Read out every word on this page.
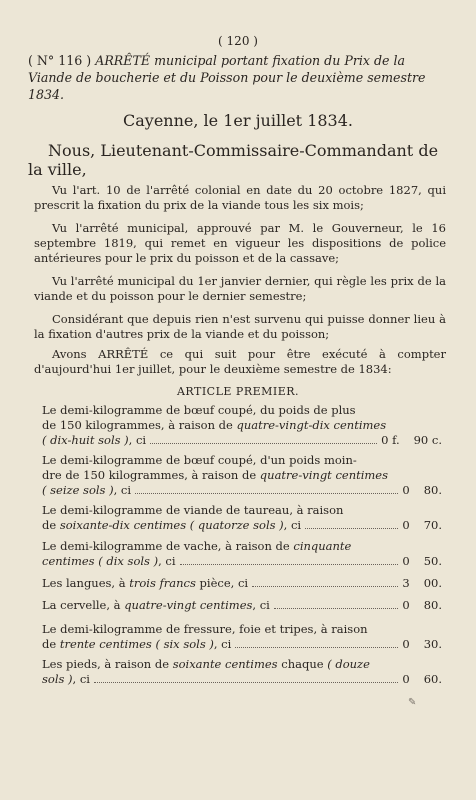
( 120 )
( N° 116 ) ARRÊTÉ municipal portant fixation du Prix de la Viande de boucherie et du Poisson pour le deuxième semestre 1834.
Cayenne, le 1er juillet 1834.
Nous, Lieutenant-Commissaire-Commandant de la ville,
Vu l'art. 10 de l'arrêté colonial en date du 20 octobre 1827, qui prescrit la fixation du prix de la viande tous les six mois;
Vu l'arrêté municipal, approuvé par M. le Gouverneur, le 16 septembre 1819, qui remet en vigueur les dispositions de police antérieures pour le prix du poisson et de la cassave;
Vu l'arrêté municipal du 1er janvier dernier, qui règle les prix de la viande et du poisson pour le dernier semestre;
Considérant que depuis rien n'est survenu qui puisse donner lieu à la fixation d'autres prix de la viande et du poisson;
Avons ARRÊTÉ ce qui suit pour être exécuté à compter d'aujourd'hui 1er juillet, pour le deuxième semestre de 1834:
ARTICLE PREMIER.
Le demi-kilogramme de bœuf coupé, du poids de plus
de 150 kilogrammes, à raison de quatre-vingt-dix centimes
( dix-huit sols ), ci	0 f. 90 c.
Le demi-kilogramme de bœuf coupé, d'un poids moin-
dre de 150 kilogrammes, à raison de quatre-vingt centimes
( seize sols ), ci	0 80.
Le demi-kilogramme de viande de taureau, à raison
de soixante-dix centimes ( quatorze sols ), ci	0 70.
Le demi-kilogramme de vache, à raison de cinquante
centimes ( dix sols ), ci	0 50.
Les langues, à trois francs pièce, ci	3 00.
La cervelle, à quatre-vingt centimes, ci	0 80.
Le demi-kilogramme de fressure, foie et tripes, à raison
de trente centimes ( six sols ), ci	0 30.
Les pieds, à raison de soixante centimes chaque ( douze
sols ), ci	0 60.
✎
